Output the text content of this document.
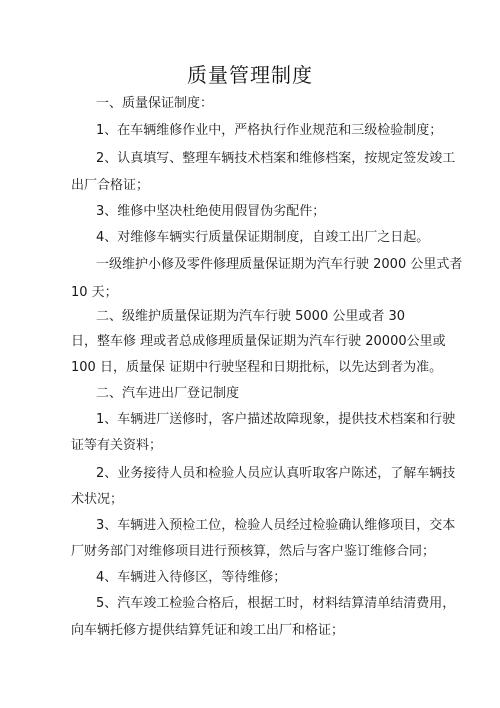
质量管理制度
一、质量保证制度：
1、在车辆维修作业中，严格执行作业规范和三级检验制度；
2、认真填写、整理车辆技术档案和维修档案，按规定签发竣工
出厂合格证；
3、维修中坚决杜绝使用假冒伪劣配件；
4、对维修车辆实行质量保证期制度，自竣工出厂之日起。
一级维护小修及零件修理质量保证期为汽车行驶 2000 公里式者
10 天；
二、级维护质量保证期为汽车行驶 5000 公里或者 30
日，整车修 理或者总成修理质量保证期为汽车行驶 20000公里或
100 日，质量保 证期中行驶坚程和日期批标，以先达到者为准。
二、汽车进出厂登记制度
1、车辆进厂送修时，客户描述故障现象，提供技术档案和行驶
证等有关资料；
2、业务接待人员和检验人员应认真听取客户陈述，了解车辆技
术状况；
3、车辆进入预检工位，检验人员经过检验确认维修项目，交本
厂财务部门对维修项目进行预核算，然后与客户鉴订维修合同；
4、车辆进入待修区，等待维修；
5、汽车竣工检验合格后，根据工时，材料结算清单结清费用，
向车辆托修方提供结算凭证和竣工出厂和格证；
